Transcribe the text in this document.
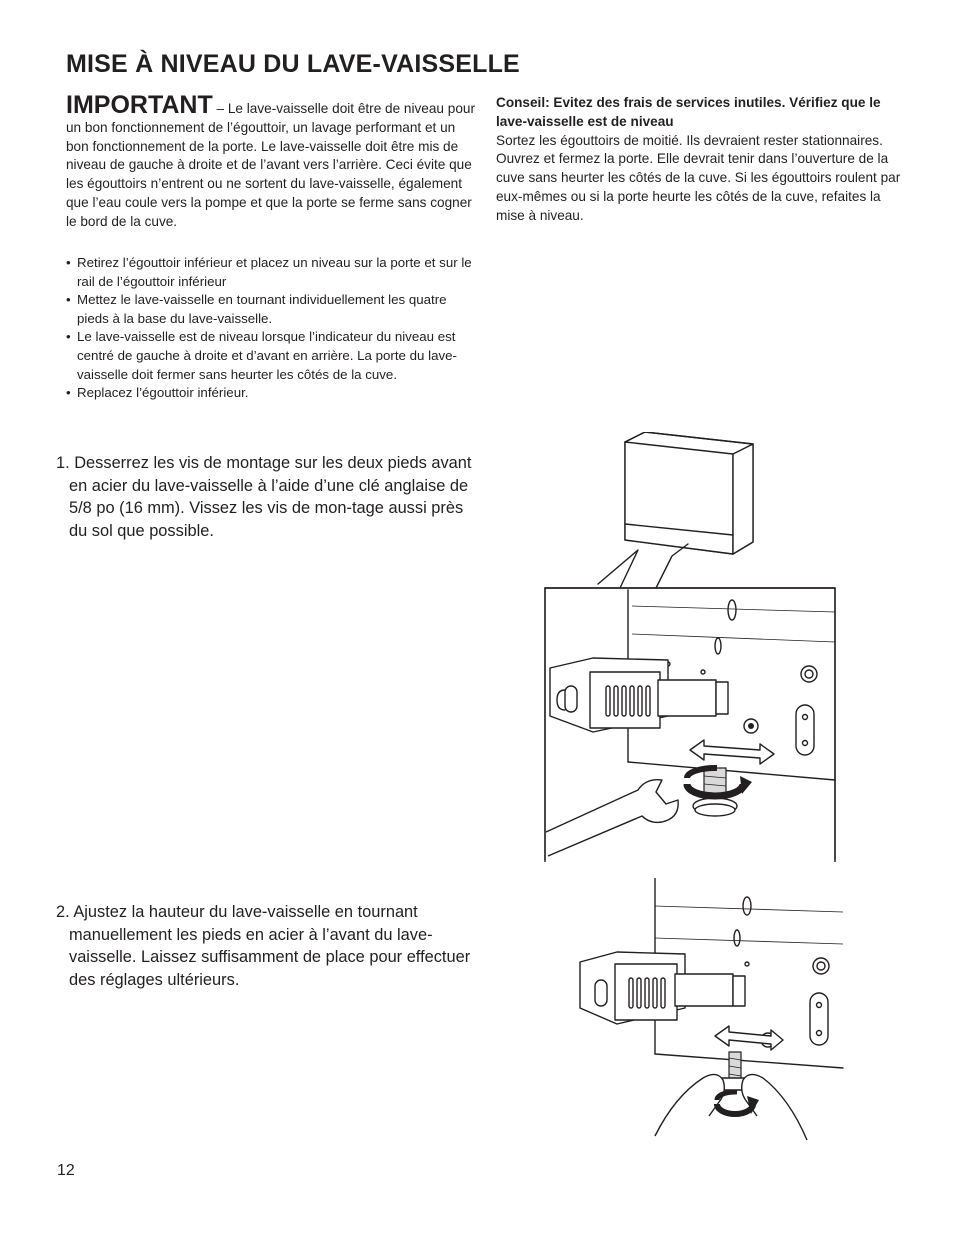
MISE À NIVEAU DU LAVE-VAISSELLE
IMPORTANT – Le lave-vaisselle doit être de niveau pour un bon fonctionnement de l’égouttoir, un lavage performant et un bon fonctionnement de la porte. Le lave-vaisselle doit être mis de niveau de gauche à droite et de l’avant vers l’arrière. Ceci évite que les égouttoirs n’entrent ou ne sortent du lave-vaisselle, également que l’eau coule vers la pompe et que la porte se ferme sans cogner le bord de la cuve.
Conseil: Evitez des frais de services inutiles. Vérifiez que le lave-vaisselle est de niveau
Sortez les égouttoirs de moitié. Ils devraient rester stationnaires. Ouvrez et fermez la porte. Elle devrait tenir dans l’ouverture de la cuve sans heurter les côtés de la cuve. Si les égouttoirs roulent par eux-mêmes ou si la porte heurte les côtés de la cuve, refaites la mise à niveau.
• Retirez l’égouttoir inférieur et placez un niveau sur la porte et sur le rail de l’égouttoir inférieur
• Mettez le lave-vaisselle en tournant individuellement les quatre pieds à la base du lave-vaisselle.
• Le lave-vaisselle est de niveau lorsque l’indicateur du niveau est centré de gauche à droite et d’avant en arrière. La porte du lave-vaisselle doit fermer sans heurter les côtés de la cuve.
• Replacez l’égouttoir inférieur.
1. Desserrez les vis de montage sur les deux pieds avant en acier du lave-vaisselle à l’aide d’une clé anglaise de 5/8 po (16 mm). Vissez les vis de mon-tage aussi près du sol que possible.
2. Ajustez la hauteur du lave-vaisselle en tournant manuellement les pieds en acier à l’avant du lave-vaisselle. Laissez suffisamment de place pour effectuer des réglages ultérieurs.
12
